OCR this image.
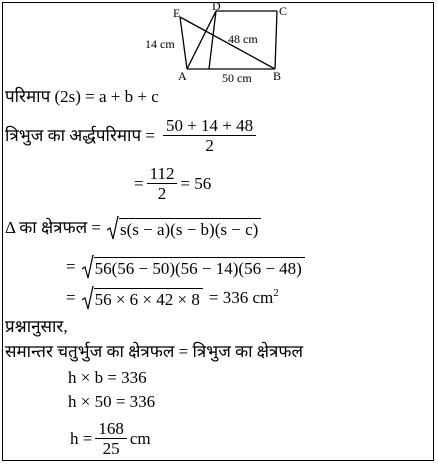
E	D	C
A	B
14 cm	48 cm
50 cm
परिमाप (2s) = a + b + c
त्रिभुज का अर्द्धपरिमाप = $\frac{50 + 14 + 48}{2}$
= $\frac{112}{2} = 56$
Δ का क्षेत्रफल = s(s − a)(s − b)(s − c)
= 56(56 − 50)(56 − 14)(56 − 48)
= 56 × 6 × 42 × 8 = 336 $cm^2$
प्रश्नानुसार,
समान्तर चतुर्भुज का क्षेत्रफल = त्रिभुज का क्षेत्रफल
h × b = 336
h × 50 = 336
$h = \frac{168}{25}$ cm
